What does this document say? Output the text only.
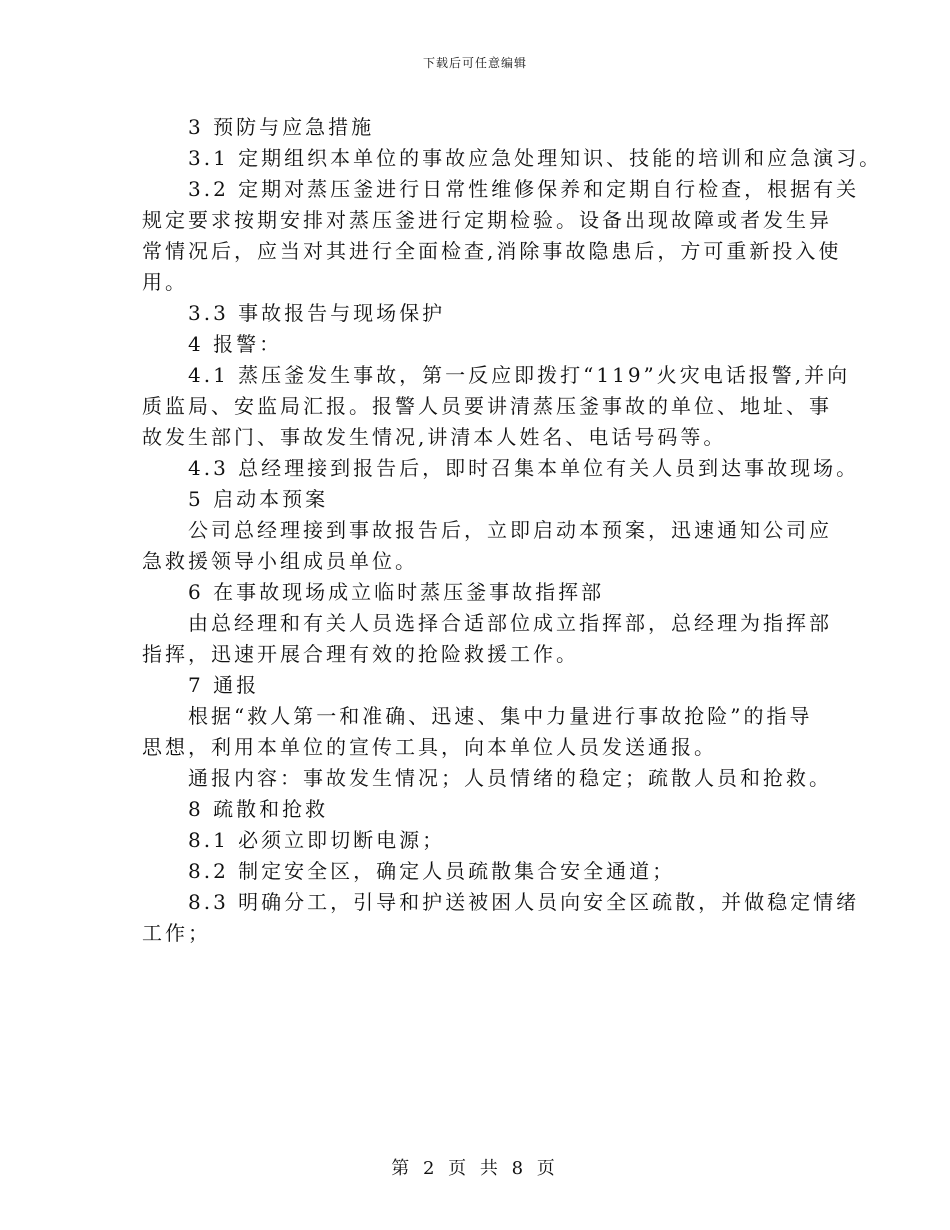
下载后可任意编辑

3 预防与应急措施

3.1 定期组织本单位的事故应急处理知识、技能的培训和应急演习。

3.2 定期对蒸压釜进行日常性维修保养和定期自行检查，根据有关

规定要求按期安排对蒸压釜进行定期检验。设备出现故障或者发生异

常情况后，应当对其进行全面检查,消除事故隐患后，方可重新投入使

用。

3.3 事故报告与现场保护

4 报警：

4.1 蒸压釜发生事故，第一反应即拨打“119”火灾电话报警,并向

质监局、安监局汇报。报警人员要讲清蒸压釜事故的单位、地址、事

故发生部门、事故发生情况,讲清本人姓名、电话号码等。

4.3 总经理接到报告后，即时召集本单位有关人员到达事故现场。

5 启动本预案

公司总经理接到事故报告后，立即启动本预案，迅速通知公司应

急救援领导小组成员单位。

6 在事故现场成立临时蒸压釜事故指挥部

由总经理和有关人员选择合适部位成立指挥部，总经理为指挥部

指挥，迅速开展合理有效的抢险救援工作。

7 通报

根据“救人第一和准确、迅速、集中力量进行事故抢险”的指导

思想，利用本单位的宣传工具，向本单位人员发送通报。

通报内容：事故发生情况；人员情绪的稳定；疏散人员和抢救。

8 疏散和抢救

8.1 必须立即切断电源；

8.2 制定安全区，确定人员疏散集合安全通道；

8.3 明确分工，引导和护送被困人员向安全区疏散，并做稳定情绪

工作；

第 2 页 共 8 页
